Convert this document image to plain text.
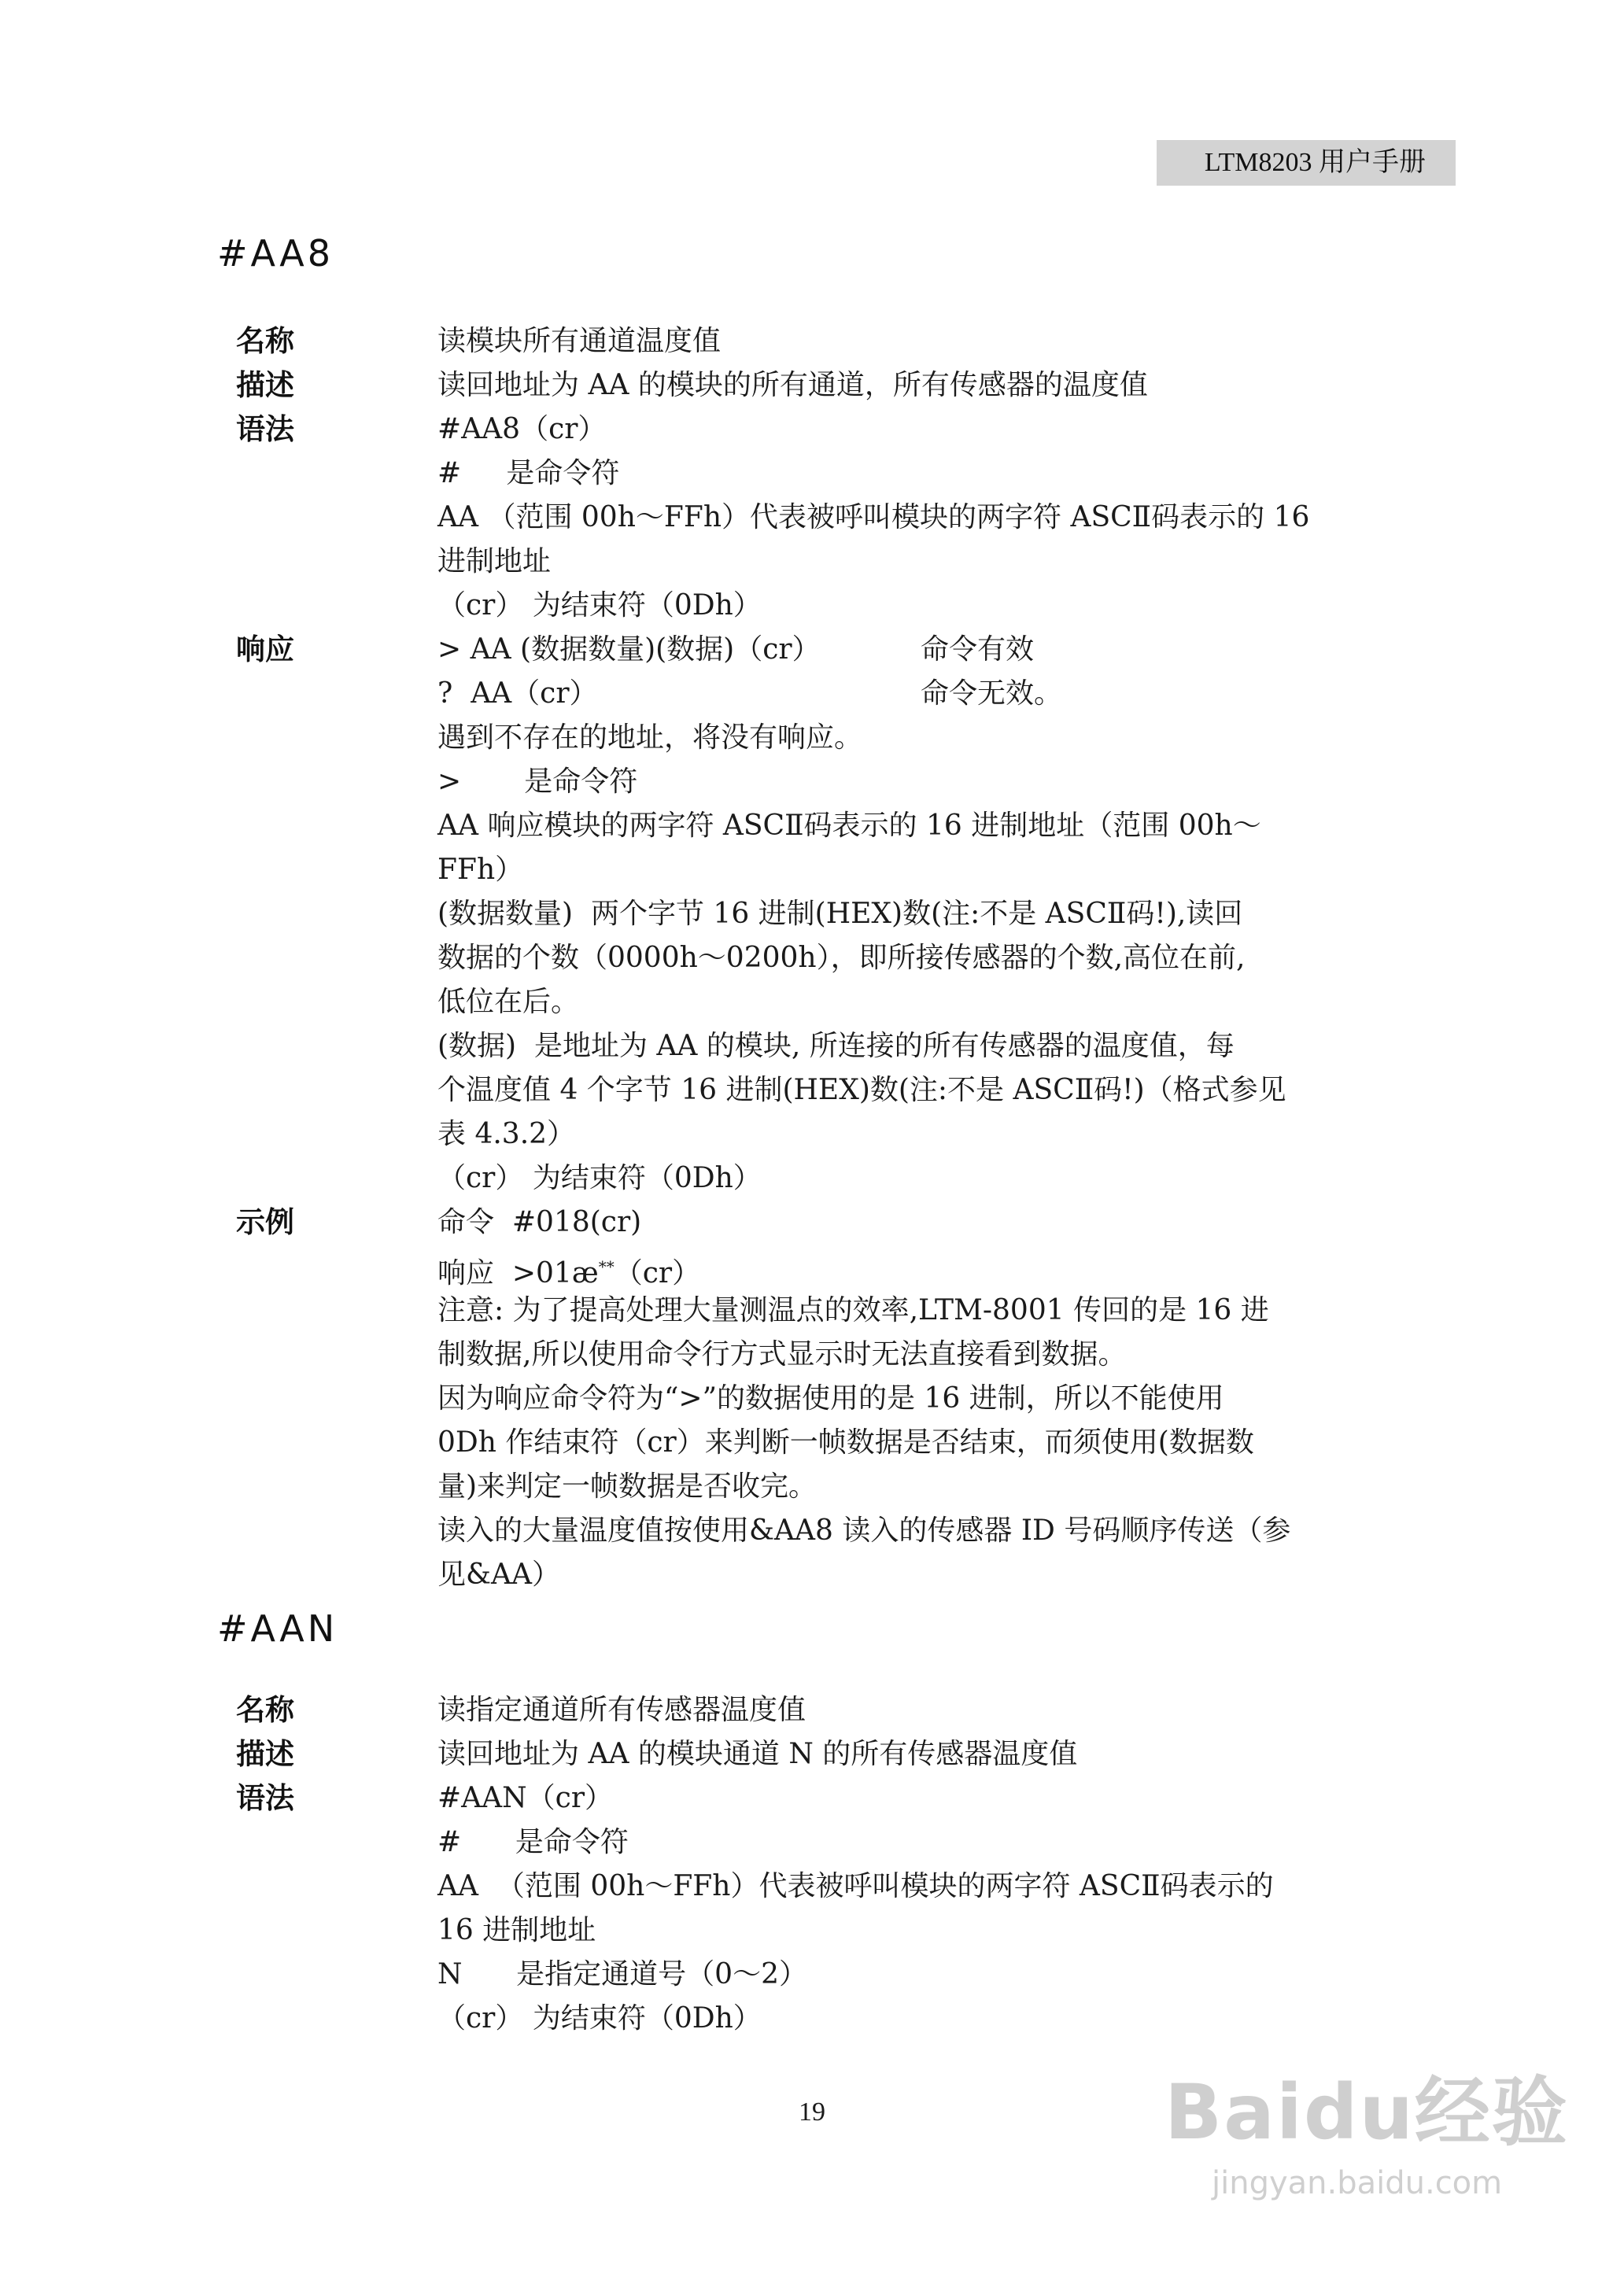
LTM8203 用户手册
#AA8
名称	读模块所有通道温度值
描述	读回地址为 AA 的模块的所有通道，所有传感器的温度值
语法	#AA8（cr）
#     是命令符
AA （范围 00h～FFh）代表被呼叫模块的两字符 ASCⅡ码表示的 16
进制地址
（cr） 为结束符（0Dh）
响应	> AA (数据数量)(数据)（cr）	命令有效
?  AA（cr）	命令无效。
遇到不存在的地址，将没有响应。
>       是命令符
AA 响应模块的两字符 ASCⅡ码表示的 16 进制地址（范围 00h～
FFh）
(数据数量)  两个字节 16 进制(HEX)数(注:不是 ASCⅡ码!),读回
数据的个数（0000h～0200h），即所接传感器的个数,高位在前,
低位在后。
(数据)  是地址为 AA 的模块, 所连接的所有传感器的温度值，每
个温度值 4 个字节 16 进制(HEX)数(注:不是 ASCⅡ码!)（格式参见
表 4.3.2）
（cr） 为结束符（0Dh）
示例	命令  #018(cr)
响应  >01æ**（cr）
注意: 为了提高处理大量测温点的效率,LTM-8001 传回的是 16 进
制数据,所以使用命令行方式显示时无法直接看到数据。
因为响应命令符为“>”的数据使用的是 16 进制，所以不能使用
0Dh 作结束符（cr）来判断一帧数据是否结束，而须使用(数据数
量)来判定一帧数据是否收完。
读入的大量温度值按使用&AA8 读入的传感器 ID 号码顺序传送（参
见&AA）
#AAN
名称	读指定通道所有传感器温度值
描述	读回地址为 AA 的模块通道 N 的所有传感器温度值
语法	#AAN（cr）
#      是命令符
AA  （范围 00h～FFh）代表被呼叫模块的两字符 ASCⅡ码表示的
16 进制地址
N      是指定通道号（0～2）
（cr） 为结束符（0Dh）
19	Baidu经验
jingyan.baidu.com
